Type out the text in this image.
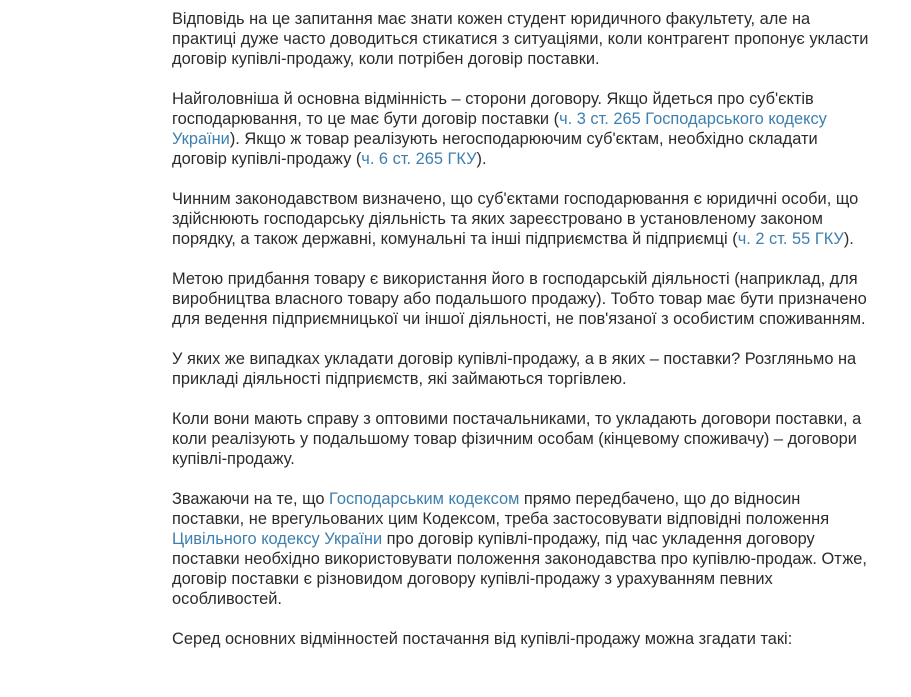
Відповідь на це запитання має знати кожен студент юридичного факультету, але на практиці дуже часто доводиться стикатися з ситуаціями, коли контрагент пропонує укласти договір купівлі-продажу, коли потрібен договір поставки.

Найголовніша й основна відмінність – сторони договору. Якщо йдеться про суб'єктів господарювання, то це має бути договір поставки (ч. 3 ст. 265 Господарського кодексу України). Якщо ж товар реалізують негосподарюючим суб'єктам, необхідно складати договір купівлі-продажу (ч. 6 ст. 265 ГКУ).

Чинним законодавством визначено, що суб'єктами господарювання є юридичні особи, що здійснюють господарську діяльність та яких зареєстровано в установленому законом порядку, а також державні, комунальні та інші підприємства й підприємці (ч. 2 ст. 55 ГКУ).

Метою придбання товару є використання його в господарській діяльності (наприклад, для виробництва власного товару або подальшого продажу). Тобто товар має бути призначено для ведення підприємницької чи іншої діяльності, не пов'язаної з особистим споживанням.

У яких же випадках укладати договір купівлі-продажу, а в яких – поставки? Розгляньмо на прикладі діяльності підприємств, які займаються торгівлею.

Коли вони мають справу з оптовими постачальниками, то укладають договори поставки, а коли реалізують у подальшому товар фізичним особам (кінцевому споживачу) – договори купівлі-продажу.

Зважаючи на те, що Господарським кодексом прямо передбачено, що до відносин поставки, не врегульованих цим Кодексом, треба застосовувати відповідні положення Цивільного кодексу України про договір купівлі-продажу, під час укладення договору поставки необхідно використовувати положення законодавства про купівлю-продаж. Отже, договір поставки є різновидом договору купівлі-продажу з урахуванням певних особливостей.

Серед основних відмінностей постачання від купівлі-продажу можна згадати такі:
